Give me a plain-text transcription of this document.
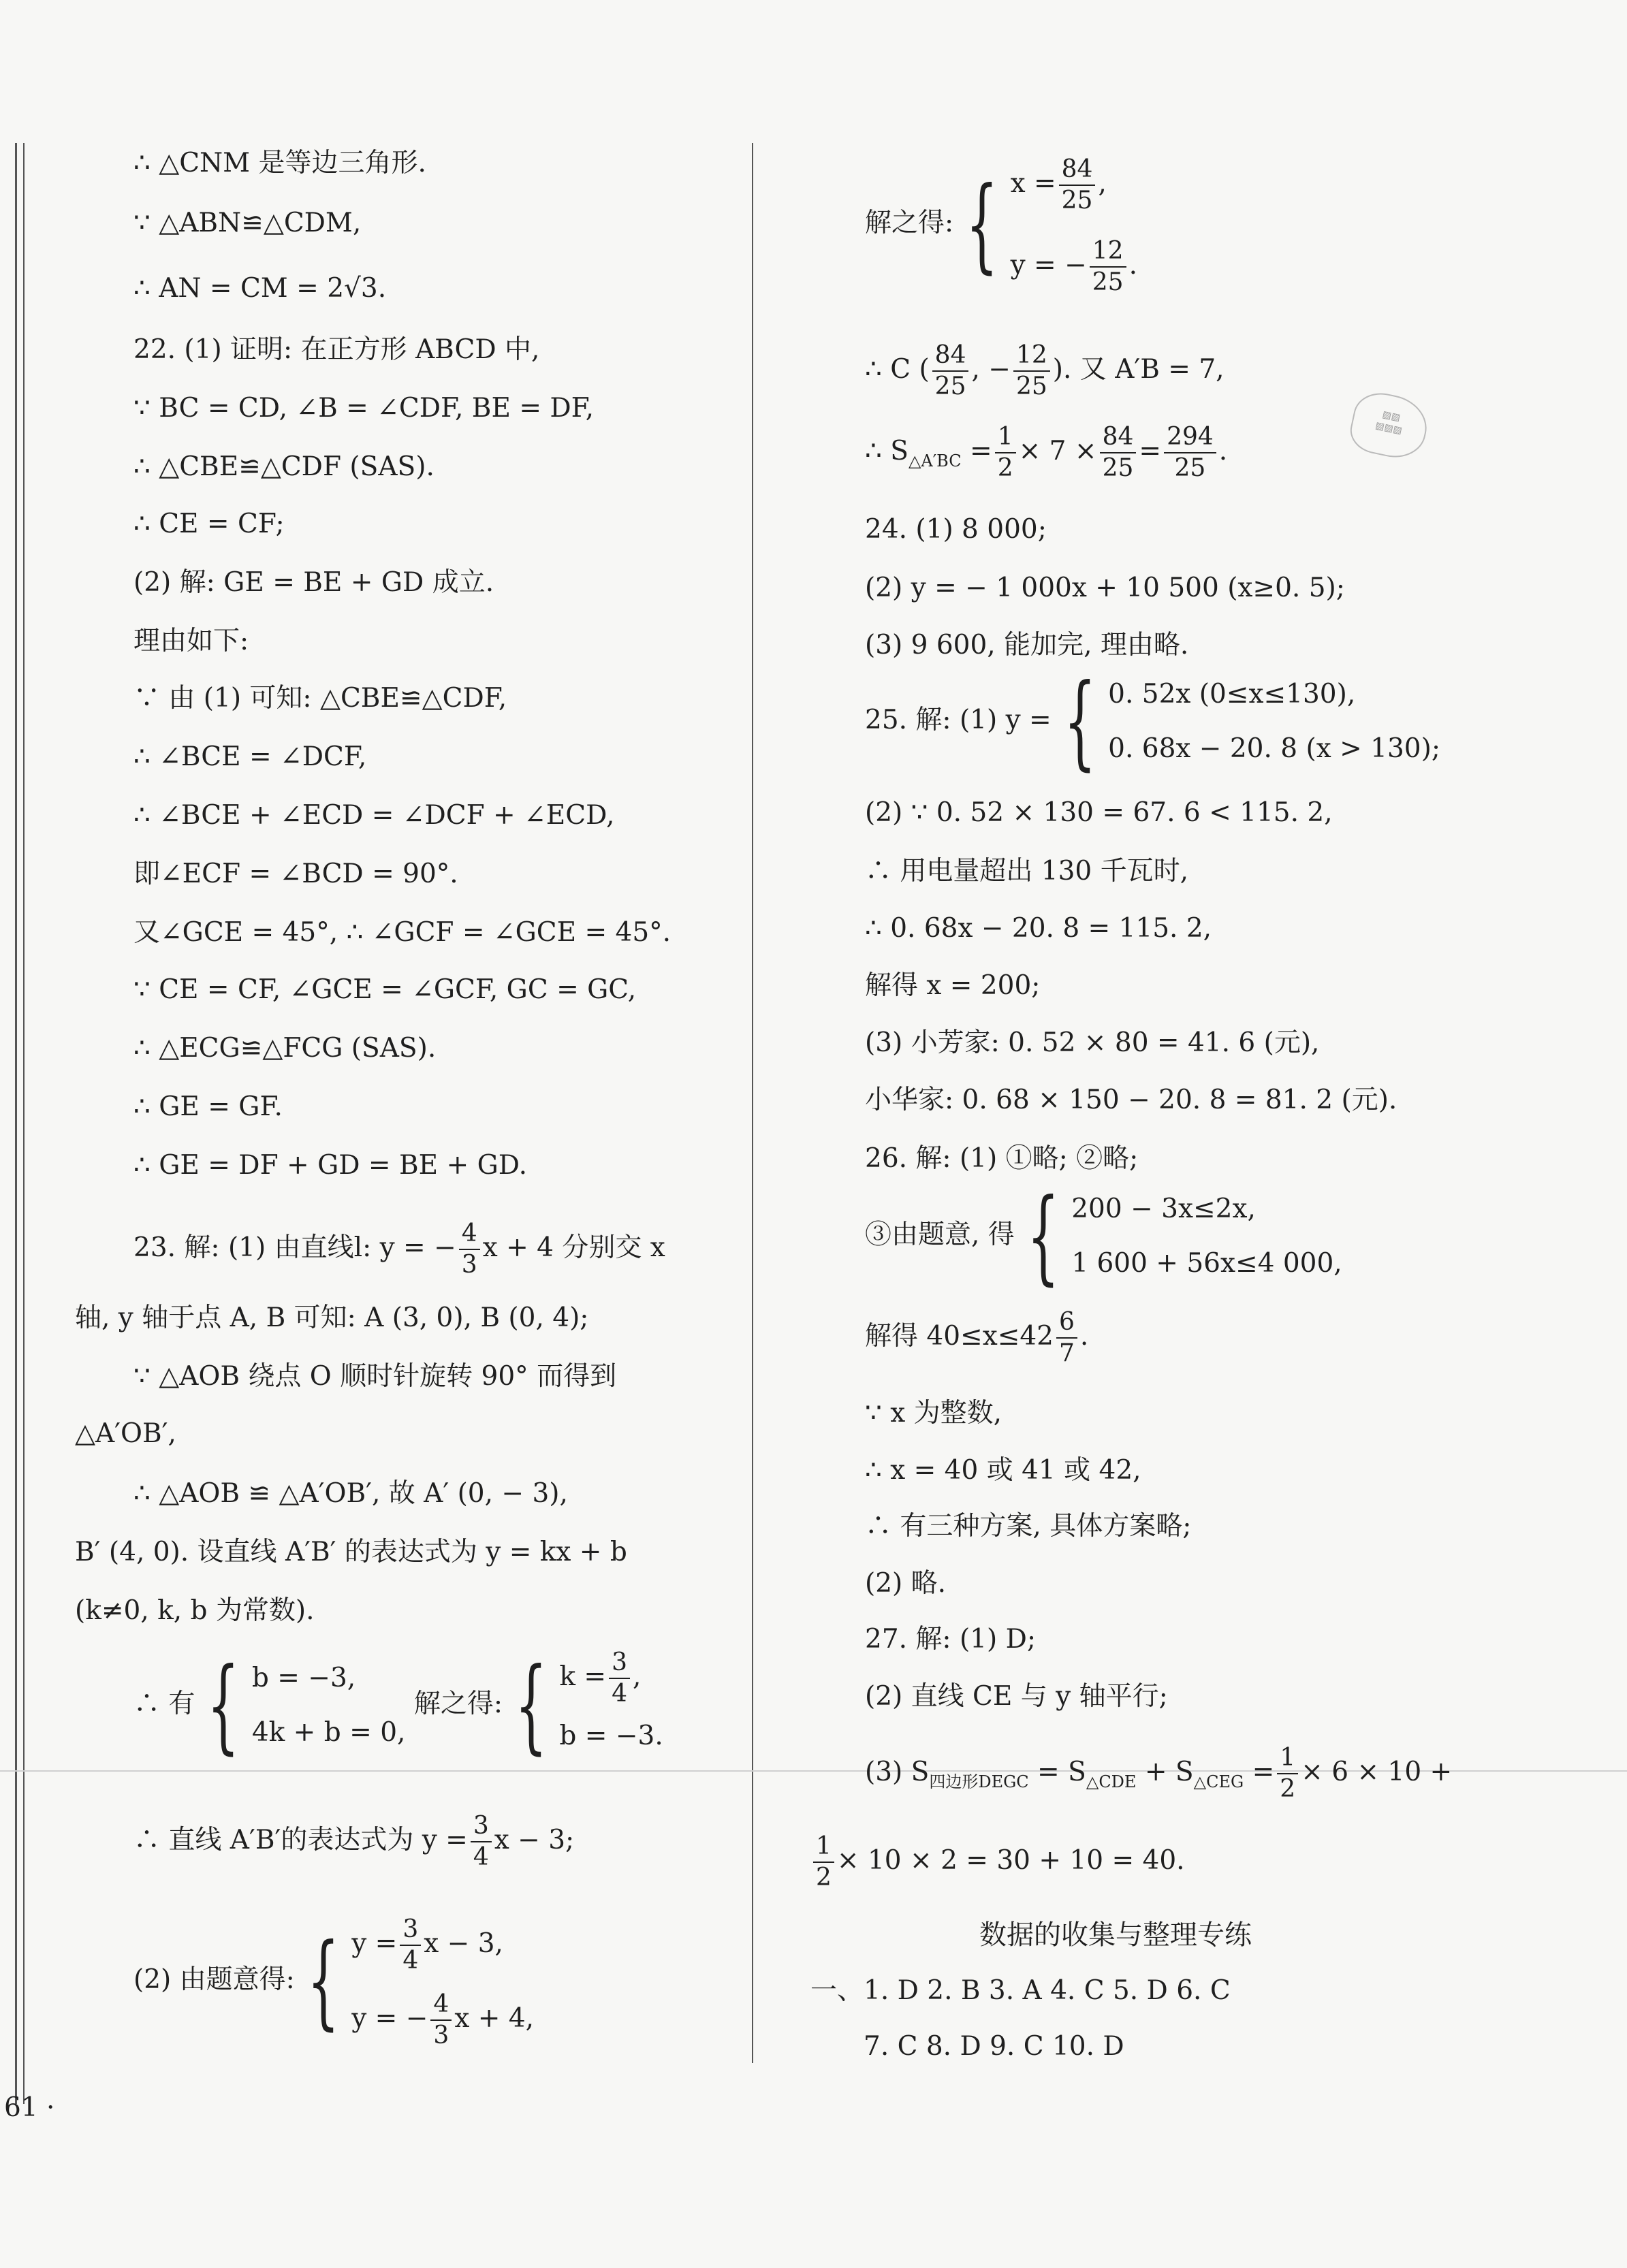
▧▧
▧▧▧
∴ △CNM 是等边三角形.
∵ △ABN≌△CDM,
∴ AN = CM = 2√3.
22. (1) 证明: 在正方形 ABCD 中,
∵ BC = CD, ∠B = ∠CDF, BE = DF,
∴ △CBE≌△CDF (SAS).
∴ CE = CF;
(2) 解: GE = BE + GD 成立.
理由如下:
∵ 由 (1) 可知: △CBE≌△CDF,
∴ ∠BCE = ∠DCF,
∴ ∠BCE + ∠ECD = ∠DCF + ∠ECD,
即∠ECF = ∠BCD = 90°.
又∠GCE = 45°, ∴ ∠GCF = ∠GCE = 45°.
∵ CE = CF, ∠GCE = ∠GCF, GC = GC,
∴ △ECG≌△FCG (SAS).
∴ GE = GF.
∴ GE = DF + GD = BE + GD.
23. 解: (1) 由直线l: y = − $\frac{4}{3}$ x + 4 分别交 x
轴, y 轴于点 A, B 可知: A (3, 0), B (0, 4);
∵ △AOB 绕点 O 顺时针旋转 90° 而得到
△A′OB′,
∴ △AOB ≌ △A′OB′, 故 A′ (0, − 3),
B′ (4, 0). 设直线 A′B′ 的表达式为 y = kx + b
(k≠0, k, b 为常数).
∴ 有 { b = −3,
4k + b = 0,
解之得: { $k = \frac{3}{4}$ ,
b = −3.
∴ 直线 A′B′的表达式为 $y = \frac{3}{4}$ x − 3;
(2) 由题意得: { $y = \frac{3}{4}$ x − 3,
y = − $\frac{4}{3}$ x + 4,
61 ·
解之得: { $x = \frac{84}{25}$ ,
y = − $\frac{12}{25}$ .
∴ C ( $\frac{84}{25}$ , − $\frac{12}{25}$ ). 又 A′B = 7,
∴ $S_{\triangle A'BC} = \frac{1}{2} \times 7 \times \frac{84}{25} = \frac{294}{25}$ .
24. (1) 8 000;
(2) y = − 1 000x + 10 500 (x≥0. 5);
(3) 9 600, 能加完, 理由略.
25. 解: (1) y = { 0. 52x (0≤x≤130),
0. 68x − 20. 8 (x > 130);
(2) ∵ 0. 52 × 130 = 67. 6 < 115. 2,
∴ 用电量超出 130 千瓦时,
∴ 0. 68x − 20. 8 = 115. 2,
解得 x = 200;
(3) 小芳家: 0. 52 × 80 = 41. 6 (元),
小华家: 0. 68 × 150 − 20. 8 = 81. 2 (元).
26. 解: (1) ①略; ②略;
③由题意, 得 { 200 − 3x≤2x,
1 600 + 56x≤4 000,
解得 $40\le x\le 42 \frac{6}{7}$ .
∵ x 为整数,
∴ x = 40 或 41 或 42,
∴ 有三种方案, 具体方案略;
(2) 略.
27. 解: (1) D;
(2) 直线 CE 与 y 轴平行;
(3) $S_{四边形DEGC} = S_{\triangle CDE} + S_{\triangle CEG} = \frac{1}{2} \times 6 \times 10$ +
$\frac{1}{2} \times 10 \times 2 = 30 + 10 = 40$.
数据的收集与整理专练
一、1. D 2. B 3. A 4. C 5. D 6. C
7. C 8. D 9. C 10. D
